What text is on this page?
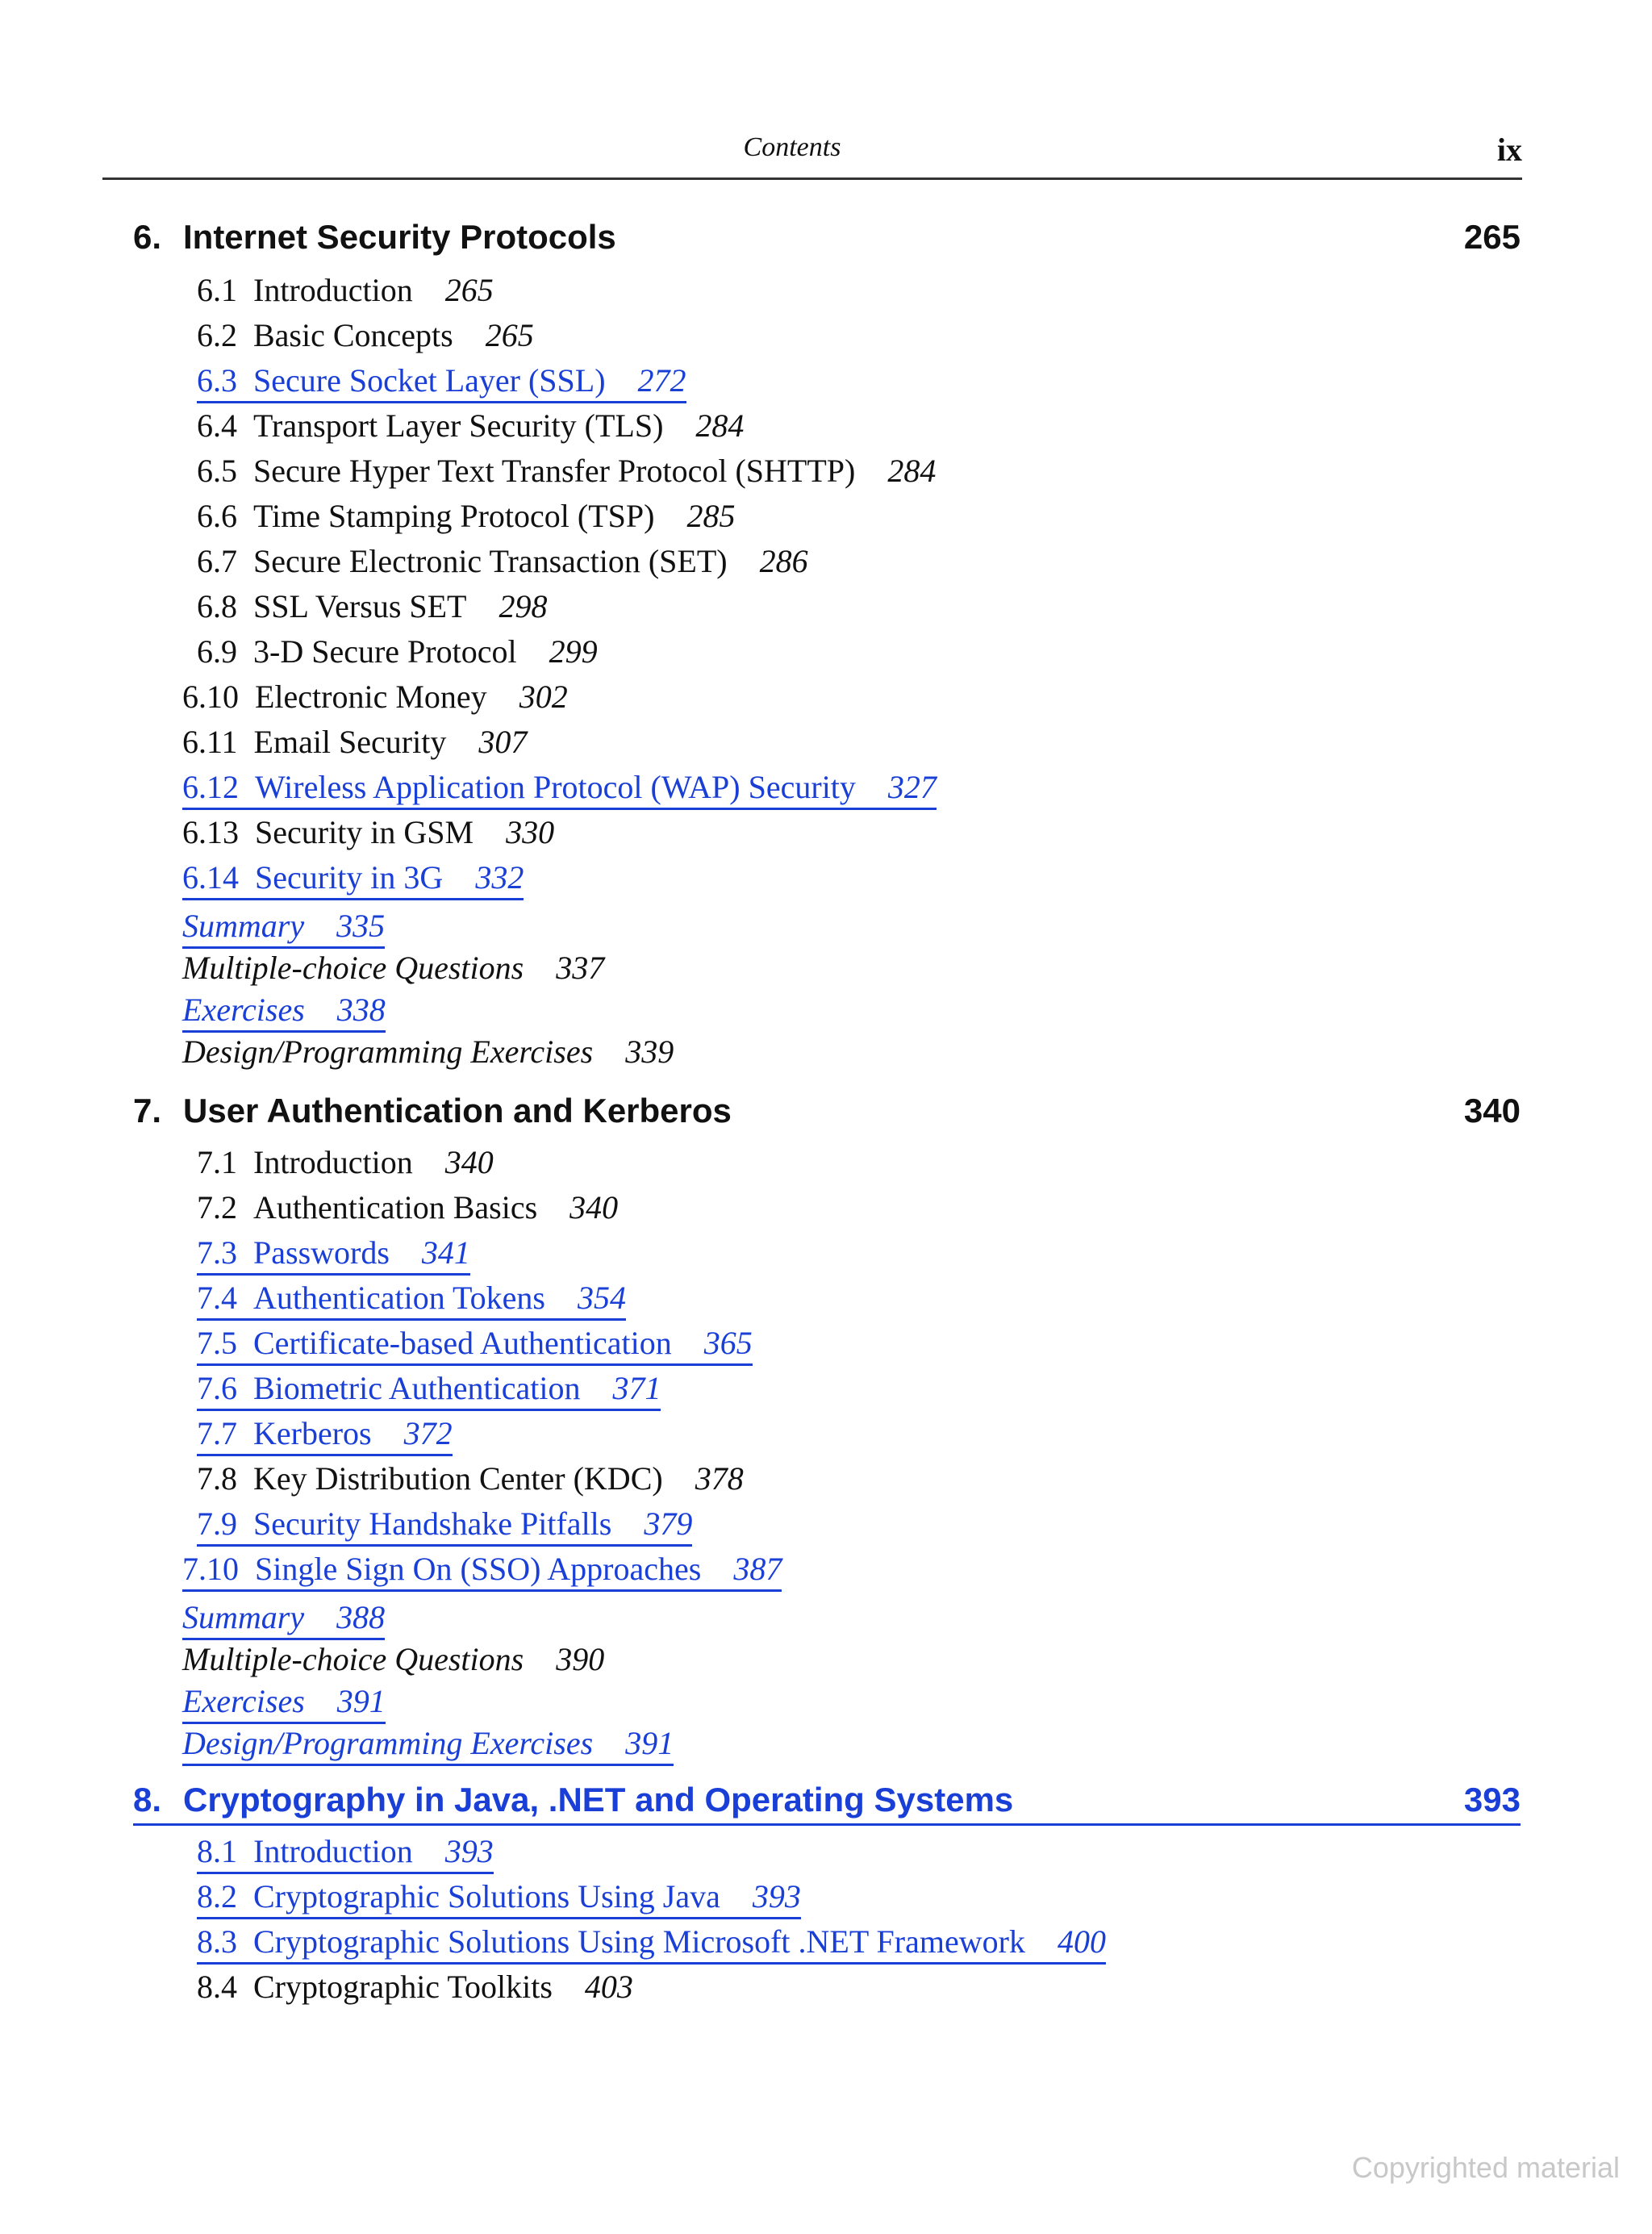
Contents	ix
6. Internet Security Protocols	265
6.1 Introduction 265
6.2 Basic Concepts 265
6.3 Secure Socket Layer (SSL) 272
6.4 Transport Layer Security (TLS) 284
6.5 Secure Hyper Text Transfer Protocol (SHTTP) 284
6.6 Time Stamping Protocol (TSP) 285
6.7 Secure Electronic Transaction (SET) 286
6.8 SSL Versus SET 298
6.9 3-D Secure Protocol 299
6.10 Electronic Money 302
6.11 Email Security 307
6.12 Wireless Application Protocol (WAP) Security 327
6.13 Security in GSM 330
6.14 Security in 3G 332
Summary 335
Multiple-choice Questions 337
Exercises 338
Design/Programming Exercises 339
7. User Authentication and Kerberos	340
7.1 Introduction 340
7.2 Authentication Basics 340
7.3 Passwords 341
7.4 Authentication Tokens 354
7.5 Certificate-based Authentication 365
7.6 Biometric Authentication 371
7.7 Kerberos 372
7.8 Key Distribution Center (KDC) 378
7.9 Security Handshake Pitfalls 379
7.10 Single Sign On (SSO) Approaches 387
Summary 388
Multiple-choice Questions 390
Exercises 391
Design/Programming Exercises 391
8. Cryptography in Java, .NET and Operating Systems	393
8.1 Introduction 393
8.2 Cryptographic Solutions Using Java 393
8.3 Cryptographic Solutions Using Microsoft .NET Framework 400
8.4 Cryptographic Toolkits 403
Copyrighted material
